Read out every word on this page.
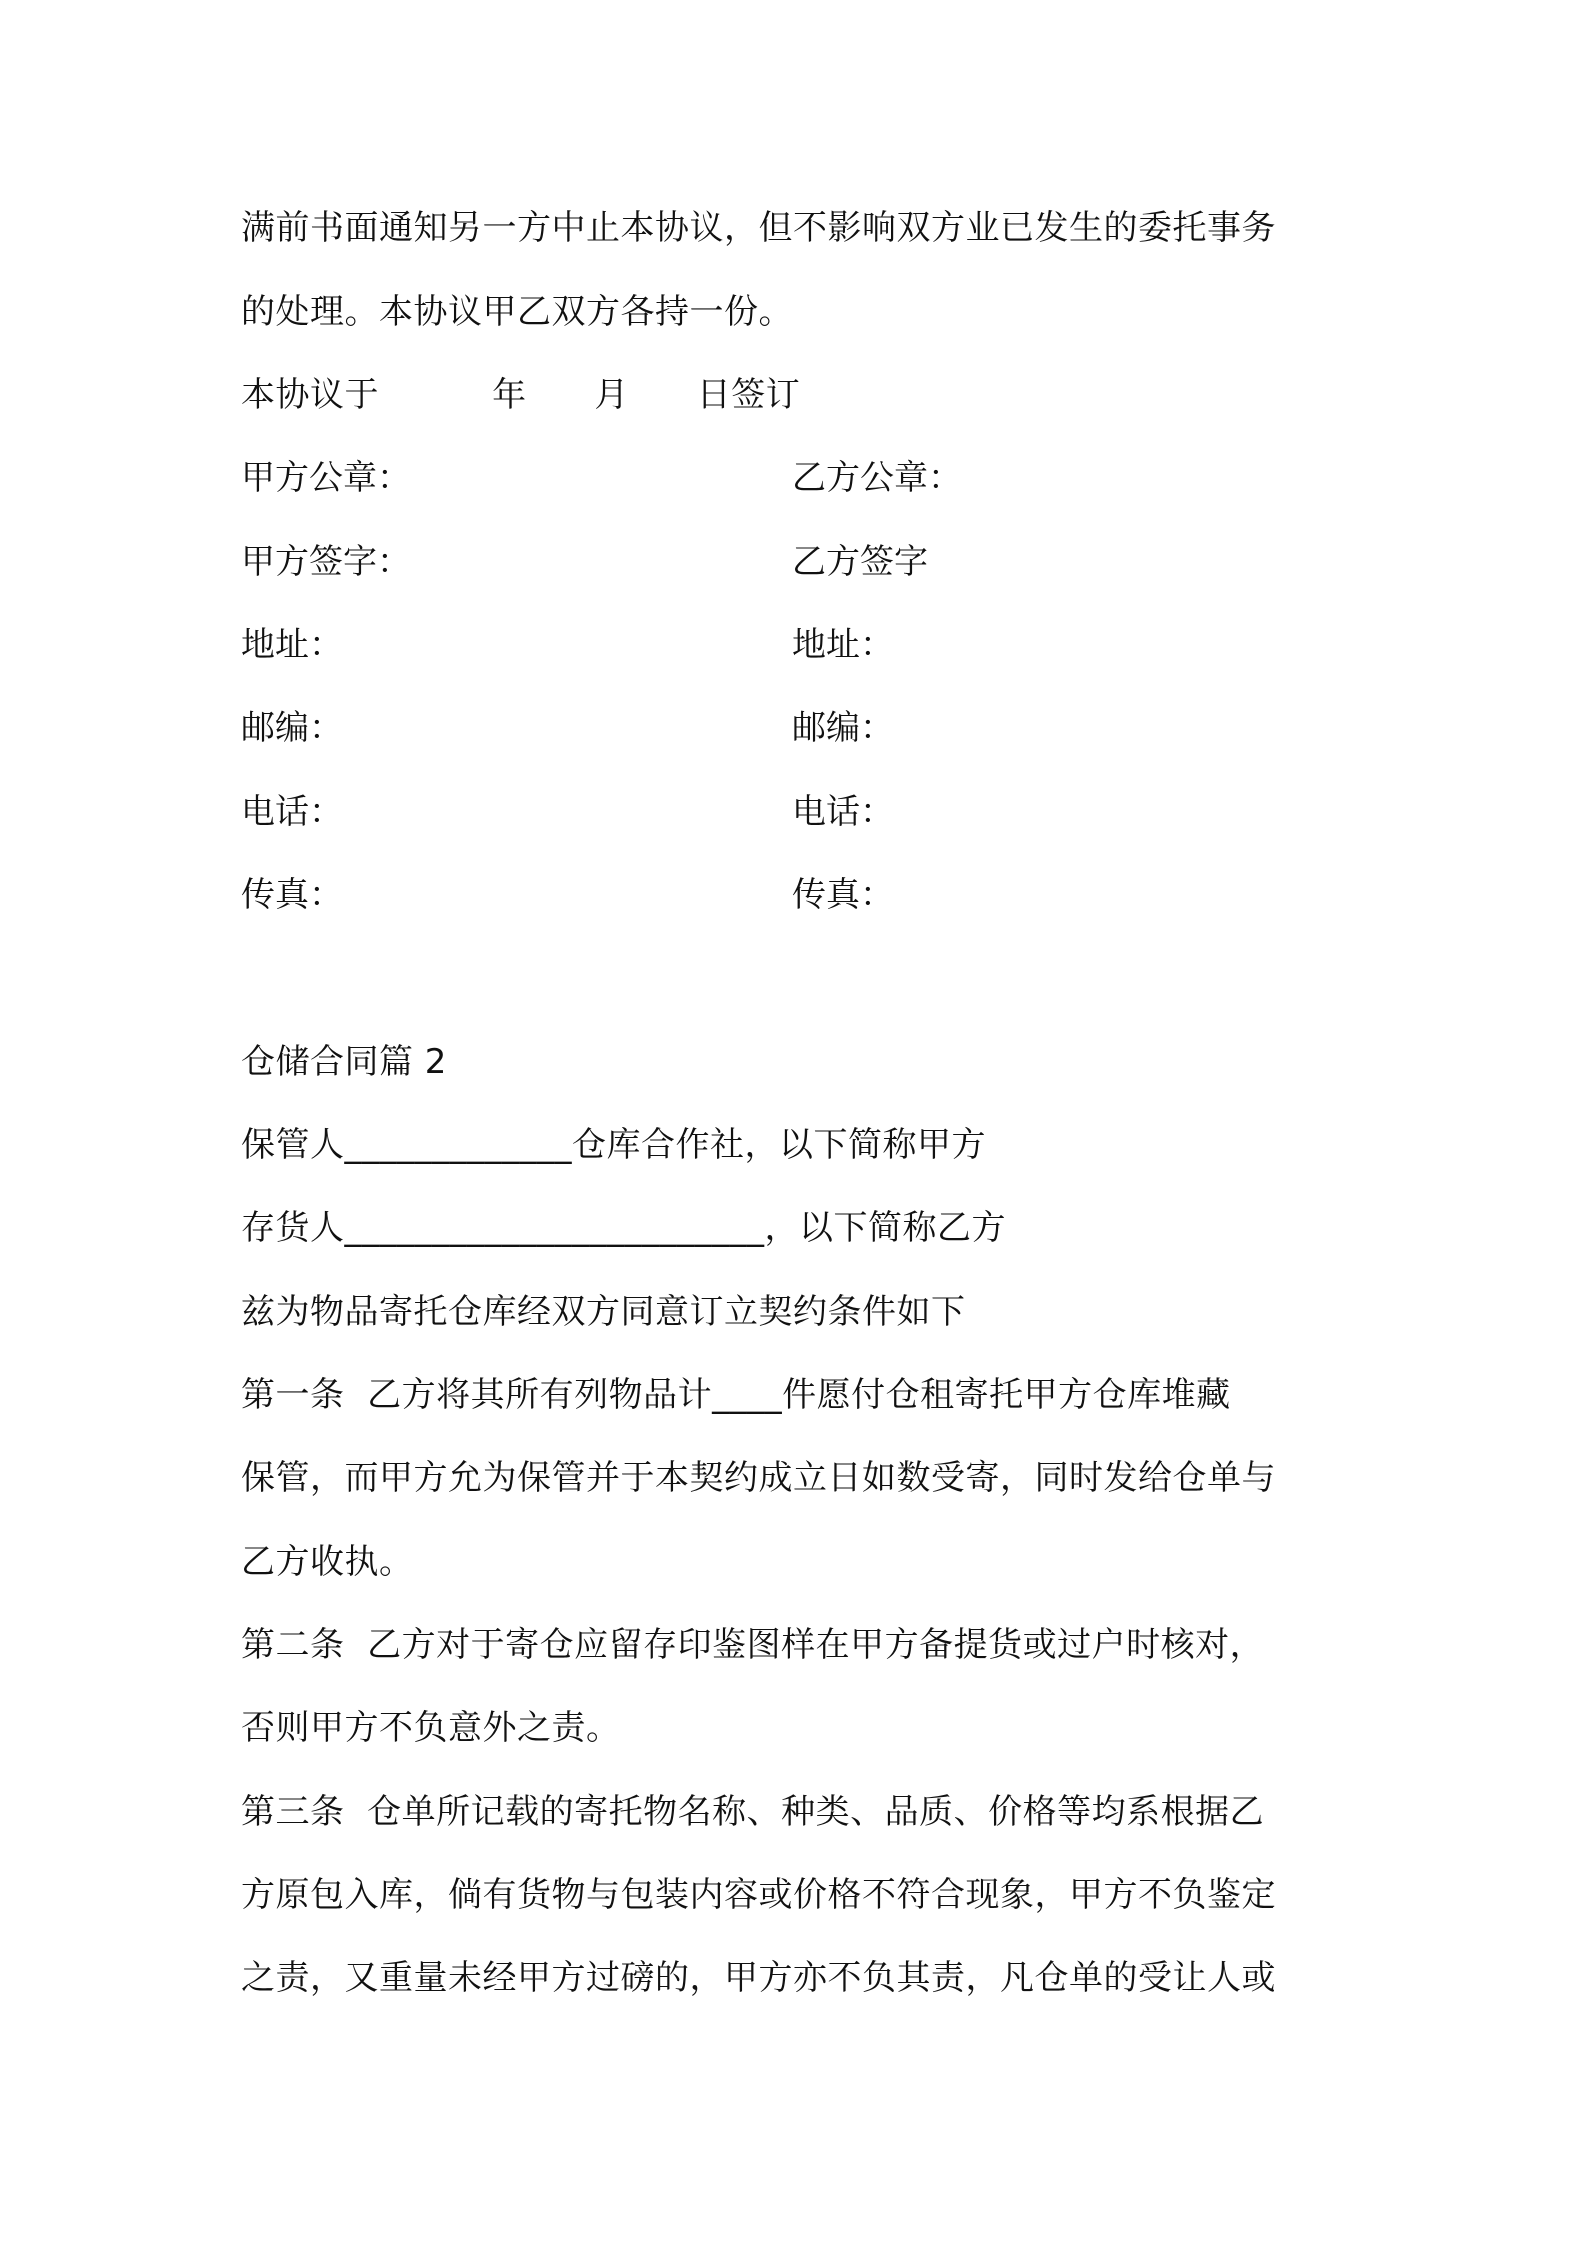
满前书面通知另一方中止本协议，但不影响双方业已发生的委托事务
的处理。本协议甲乙双方各持一份。
本协议于          年      月      日签订
甲方公章：	乙方公章：
甲方签字：	乙方签字
地址：	地址：
邮编：	邮编：
电话：	电话：
传真：	传真：
仓储合同篇 2
保管人_____________仓库合作社，以下简称甲方
存货人________________________，以下简称乙方
兹为物品寄托仓库经双方同意订立契约条件如下
第一条  乙方将其所有列物品计____件愿付仓租寄托甲方仓库堆藏
保管，而甲方允为保管并于本契约成立日如数受寄，同时发给仓单与
乙方收执。
第二条  乙方对于寄仓应留存印鉴图样在甲方备提货或过户时核对，
否则甲方不负意外之责。
第三条  仓单所记载的寄托物名称、种类、品质、价格等均系根据乙
方原包入库，倘有货物与包装内容或价格不符合现象，甲方不负鉴定
之责，又重量未经甲方过磅的，甲方亦不负其责，凡仓单的受让人或
